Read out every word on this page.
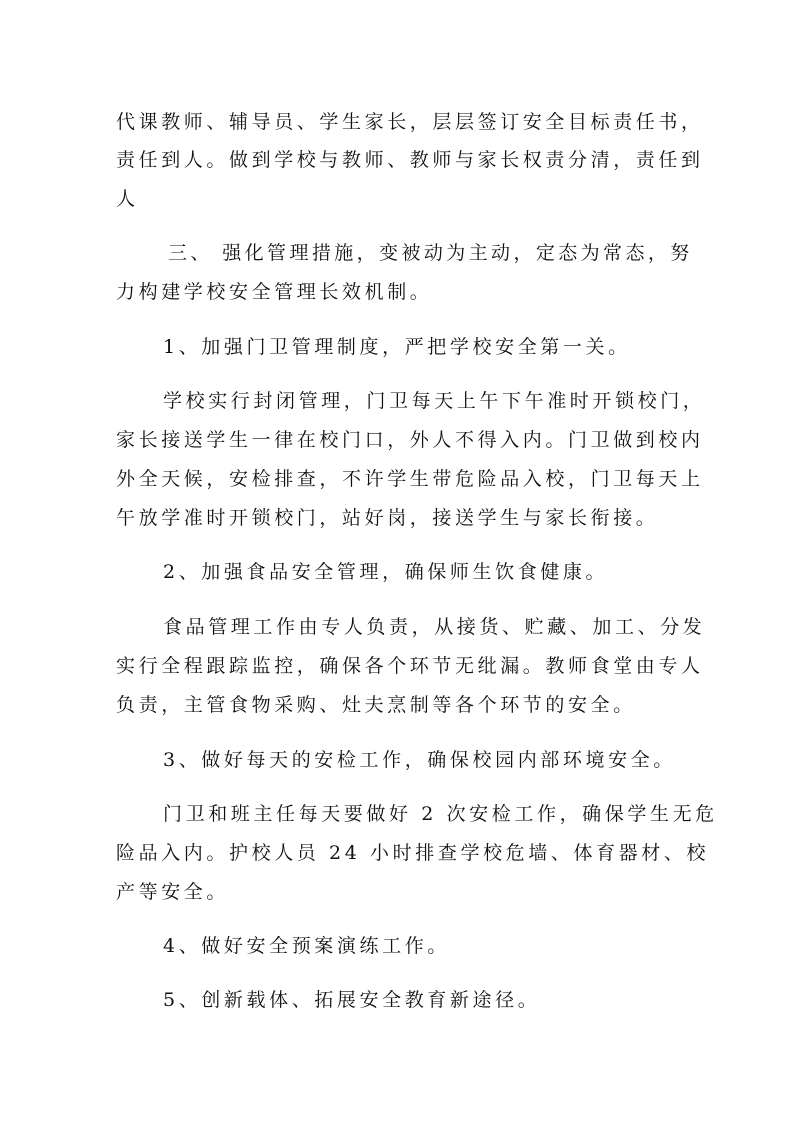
代课教师、辅导员、学生家长，层层签订安全目标责任书，
责任到人。做到学校与教师、教师与家长权责分清，责任到
人
三、 强化管理措施，变被动为主动，定态为常态，努
力构建学校安全管理长效机制。
1、加强门卫管理制度，严把学校安全第一关。
学校实行封闭管理，门卫每天上午下午准时开锁校门，
家长接送学生一律在校门口，外人不得入内。门卫做到校内
外全天候，安检排查，不许学生带危险品入校，门卫每天上
午放学准时开锁校门，站好岗，接送学生与家长衔接。
2、加强食品安全管理，确保师生饮食健康。
食品管理工作由专人负责，从接货、贮藏、加工、分发
实行全程跟踪监控，确保各个环节无纰漏。教师食堂由专人
负责，主管食物采购、灶夫烹制等各个环节的安全。
3、做好每天的安检工作，确保校园内部环境安全。
门卫和班主任每天要做好 2 次安检工作，确保学生无危
险品入内。护校人员 24 小时排查学校危墙、体育器材、校
产等安全。
4、做好安全预案演练工作。
5、创新载体、拓展安全教育新途径。
